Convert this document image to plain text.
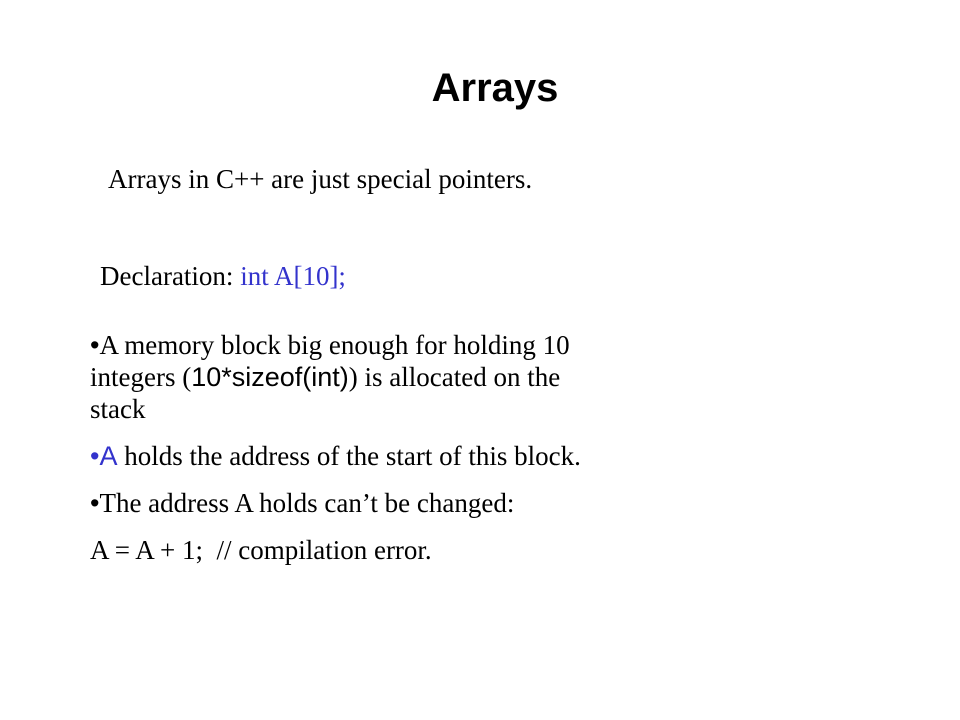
Arrays
Arrays in C++ are just special pointers.
Declaration: int A[10];
•A memory block big enough for holding 10 integers (10*sizeof(int)) is allocated on the stack
•A holds the address of the start of this block.
•The address A holds can’t be changed:
A = A + 1;  // compilation error.
